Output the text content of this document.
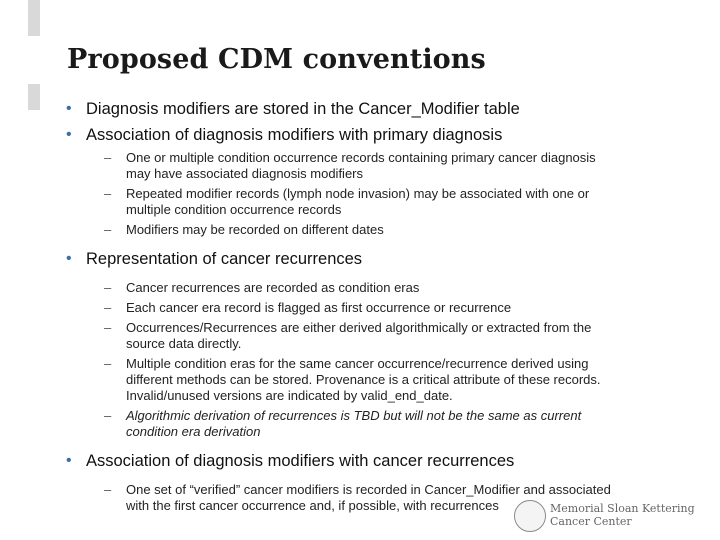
Proposed CDM conventions
• Diagnosis modifiers are stored in the Cancer_Modifier table
• Association of diagnosis modifiers with primary diagnosis
– One or multiple condition occurrence records containing primary cancer diagnosis may have associated diagnosis modifiers
– Repeated modifier records (lymph node invasion) may be associated with one or multiple condition occurrence records
– Modifiers may be recorded on different dates
• Representation of cancer recurrences
– Cancer recurrences are recorded as condition eras
– Each cancer era record is flagged as first occurrence or recurrence
– Occurrences/Recurrences are either derived algorithmically or extracted from the source data directly.
– Multiple condition eras for the same cancer occurrence/recurrence derived using different methods can be stored. Provenance is a critical attribute of these records. Invalid/unused versions are indicated by valid_end_date.
– Algorithmic derivation of recurrences is TBD but will not be the same as current condition era derivation
• Association of diagnosis modifiers with cancer recurrences
– One set of “verified” cancer modifiers is recorded in Cancer_Modifier and associated with the first cancer occurrence and, if possible, with recurrences	Memorial Sloan Kettering
Cancer Center
